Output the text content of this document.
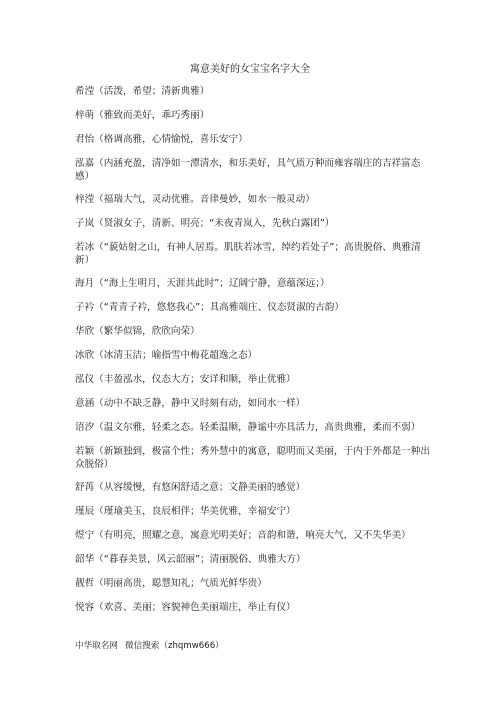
寓意美好的女宝宝名字大全
希滢（活泼，希望；清新典雅）
梓萌（雅致而美好，乖巧秀丽）
君怡（格调高雅，心情愉悦，喜乐安宁）
泓嘉（内涵充盈，清净如一潭清水，和乐美好，具气质万种而雍容端庄的吉祥富态感）
梓滢（福瑞大气，灵动优雅。音律曼妙，如水一般灵动）
子岚（贤淑女子，清新、明亮；“未夜青岚入，先秋白露团”）
若冰（“藐姑射之山，有神人居焉。肌肤若冰雪，绰约若处子”；高贵脱俗、典雅清新）
海月（“海上生明月，天涯共此时”；辽阔宁静，意蕴深远；）
子衿（“青青子衿，悠悠我心”；具高雅端庄、仪态贤淑的古韵）
华欣（繁华似锦，欣欣向荣）
冰欣（冰清玉洁；喻指雪中梅花超逸之态）
泓仪（丰盈泓水，仪态大方；安详和顺，举止优雅）
意涵（动中不缺乏静，静中又时刻有动，如同水一样）
语汐（温文尔雅，轻柔之态。轻柔温顺，静谧中亦具活力，高贵典雅，柔而不弱）
若颖（新颖独到，极富个性；秀外慧中的寓意，聪明而又美丽，于内于外都是一种出众脱俗）
舒苒（从容缓慢，有悠闲舒适之意；文静美丽的感觉）
瑾辰（瑾瑜美玉，良辰相伴；华美优雅，幸福安宁）
煜宁（有明亮，照耀之意，寓意光明美好；音韵和谐，响亮大气，又不失华美）
韶华（“暮春美景，风云韶丽”；清丽脱俗、典雅大方）
靓哲（明丽高贵，聪慧知礼；气质光鲜华贵）
悦容（欢喜、美丽；容貌神色美丽端庄，举止有仪）
中华取名网 微信搜索（zhqmw666）
